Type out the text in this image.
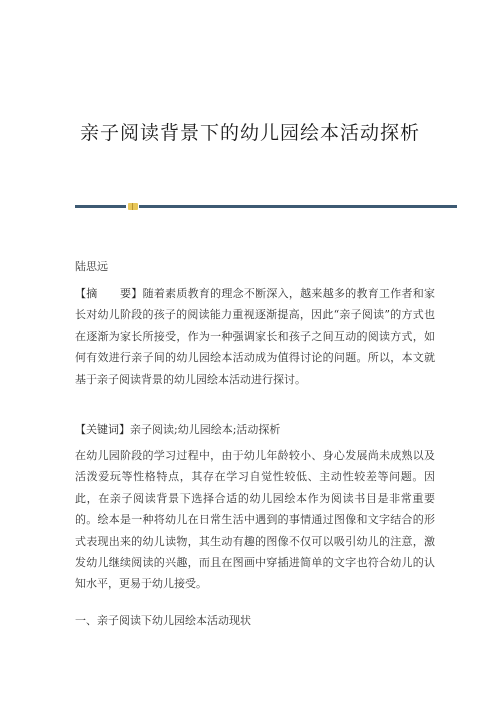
亲子阅读背景下的幼儿园绘本活动探析
陆思远
【摘　　要】随着素质教育的理念不断深入，越来越多的教育工作者和家长对幼儿阶段的孩子的阅读能力重视逐渐提高，因此“亲子阅读”的方式也在逐渐为家长所接受，作为一种强调家长和孩子之间互动的阅读方式，如何有效进行亲子间的幼儿园绘本活动成为值得讨论的问题。所以，本文就基于亲子阅读背景的幼儿园绘本活动进行探讨。
【关键词】亲子阅读;幼儿园绘本;活动探析
在幼儿园阶段的学习过程中，由于幼儿年龄较小、身心发展尚未成熟以及活泼爱玩等性格特点，其存在学习自觉性较低、主动性较差等问题。因此，在亲子阅读背景下选择合适的幼儿园绘本作为阅读书目是非常重要的。绘本是一种将幼儿在日常生活中遇到的事情通过图像和文字结合的形式表现出来的幼儿读物，其生动有趣的图像不仅可以吸引幼儿的注意，激发幼儿继续阅读的兴趣，而且在图画中穿插进简单的文字也符合幼儿的认知水平，更易于幼儿接受。
一、亲子阅读下幼儿园绘本活动现状
